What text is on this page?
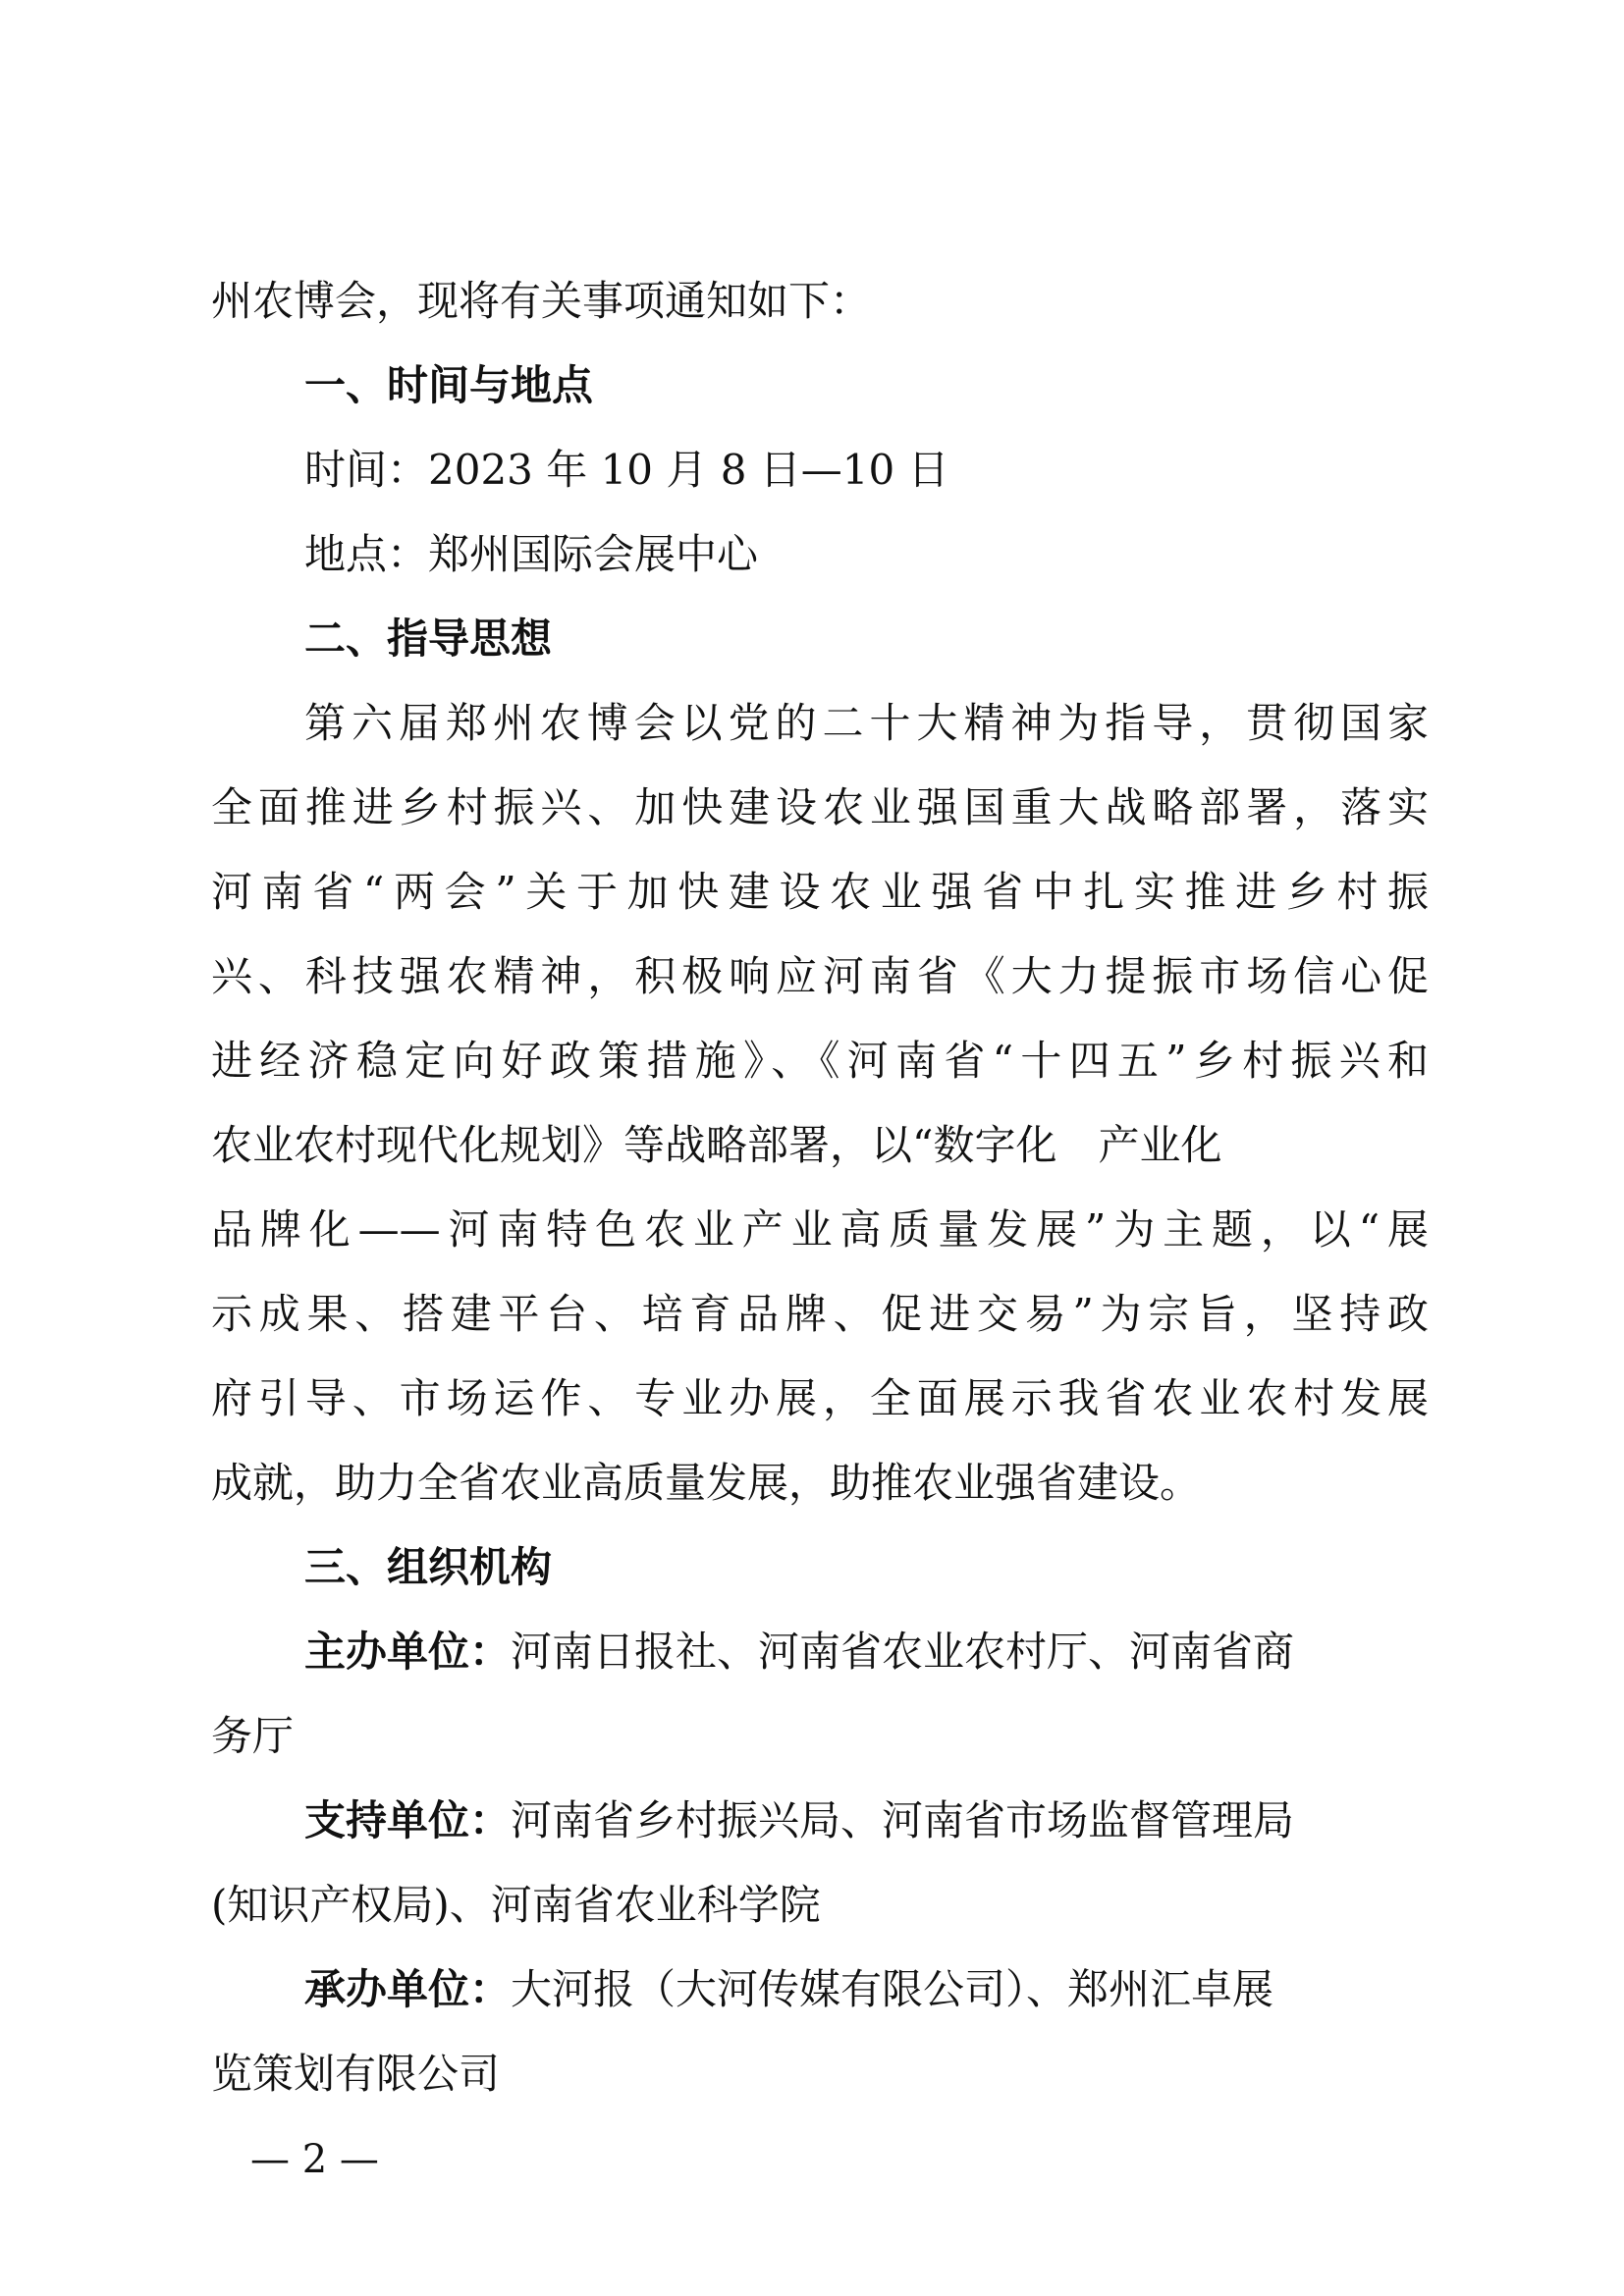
州农博会，现将有关事项通知如下：
一、时间与地点
时间：2023 年 10 月 8 日—10 日
地点：郑州国际会展中心
二、指导思想
第六届郑州农博会以党的二十大精神为指导，贯彻国家
全面推进乡村振兴、加快建设农业强国重大战略部署，落实
河南省“两会”关于加快建设农业强省中扎实推进乡村振
兴、科技强农精神，积极响应河南省《大力提振市场信心促
进经济稳定向好政策措施》、《河南省“十四五”乡村振兴和
农业农村现代化规划》等战略部署，以“数字化　产业化
品牌化——河南特色农业产业高质量发展”为主题，以“展
示成果、搭建平台、培育品牌、促进交易”为宗旨，坚持政
府引导、市场运作、专业办展，全面展示我省农业农村发展
成就，助力全省农业高质量发展，助推农业强省建设。
三、组织机构
主办单位：河南日报社、河南省农业农村厅、河南省商
务厅
支持单位：河南省乡村振兴局、河南省市场监督管理局
(知识产权局)、河南省农业科学院
承办单位：大河报（大河传媒有限公司）、郑州汇卓展
览策划有限公司
— 2 —
